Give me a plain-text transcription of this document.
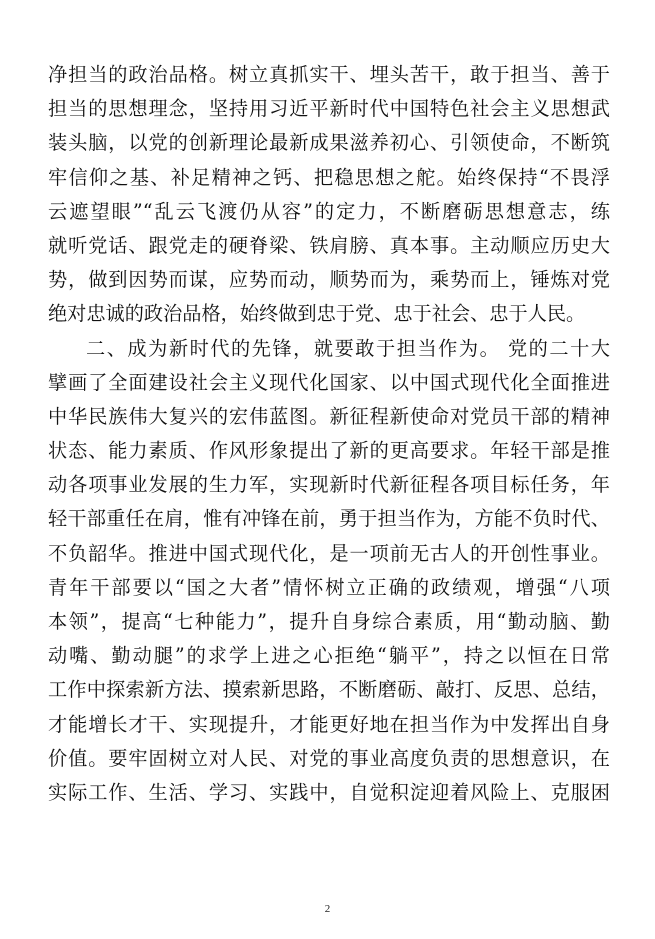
净担当的政治品格。树立真抓实干、埋头苦干，敢于担当、善于
担当的思想理念，坚持用习近平新时代中国特色社会主义思想武
装头脑，以党的创新理论最新成果滋养初心、引领使命，不断筑
牢信仰之基、补足精神之钙、把稳思想之舵。始终保持“不畏浮
云遮望眼”“乱云飞渡仍从容”的定力，不断磨砺思想意志，练
就听党话、跟党走的硬脊梁、铁肩膀、真本事。主动顺应历史大
势，做到因势而谋，应势而动，顺势而为，乘势而上，锤炼对党
绝对忠诚的政治品格，始终做到忠于党、忠于社会、忠于人民。
二、成为新时代的先锋，就要敢于担当作为。 党的二十大
擘画了全面建设社会主义现代化国家、以中国式现代化全面推进
中华民族伟大复兴的宏伟蓝图。新征程新使命对党员干部的精神
状态、能力素质、作风形象提出了新的更高要求。年轻干部是推
动各项事业发展的生力军，实现新时代新征程各项目标任务，年
轻干部重任在肩，惟有冲锋在前，勇于担当作为，方能不负时代、
不负韶华。推进中国式现代化，是一项前无古人的开创性事业。
青年干部要以“国之大者”情怀树立正确的政绩观，增强“八项
本领”，提高“七种能力”，提升自身综合素质，用“勤动脑、勤
动嘴、勤动腿”的求学上进之心拒绝“躺平”，持之以恒在日常
工作中探索新方法、摸索新思路，不断磨砺、敲打、反思、总结，
才能增长才干、实现提升，才能更好地在担当作为中发挥出自身
价值。要牢固树立对人民、对党的事业高度负责的思想意识，在
实际工作、生活、学习、实践中，自觉积淀迎着风险上、克服困
2
